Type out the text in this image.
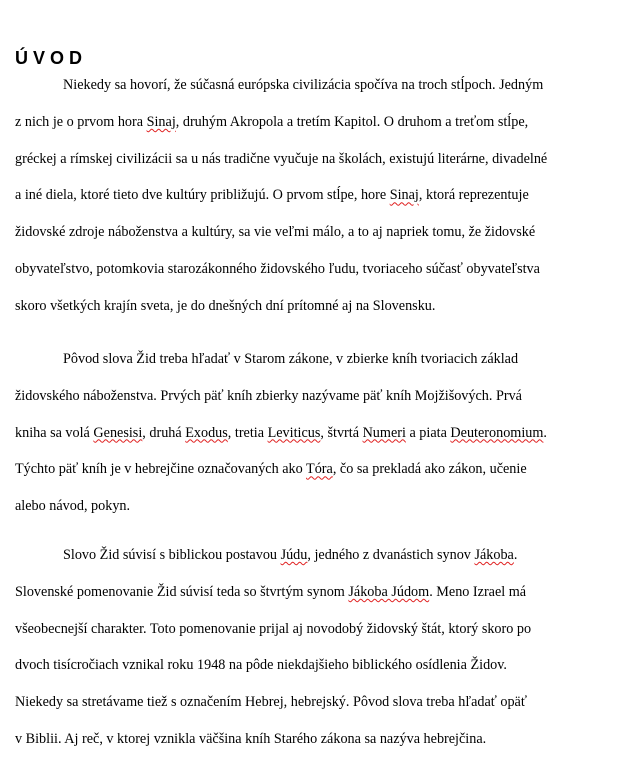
Ú V O D
Niekedy sa hovorí, že súčasná európska civilizácia spočíva na troch stĺpoch. Jedným
z nich je o prvom hora Sinaj, druhým Akropola a tretím Kapitol. O druhom a treťom stĺpe,
gréckej a rímskej civilizácii sa u nás tradične vyučuje na školách, existujú literárne, divadelné
a iné diela, ktoré tieto dve kultúry približujú. O prvom stĺpe, hore Sinaj, ktorá reprezentuje
židovské zdroje náboženstva a kultúry, sa vie veľmi málo, a to aj napriek tomu, že židovské
obyvateľstvo, potomkovia starozákonného židovského ľudu, tvoriaceho súčasť obyvateľstva
skoro všetkých krajín sveta, je do dnešných dní prítomné aj na Slovensku.
Pôvod slova Žid treba hľadať v Starom zákone, v zbierke kníh tvoriacich základ
židovského náboženstva. Prvých päť kníh zbierky nazývame päť kníh Mojžišových. Prvá
kniha sa volá Genesisi, druhá Exodus, tretia Leviticus, štvrtá Numeri a piata Deuteronomium.
Týchto päť kníh je v hebrejčine označovaných ako Tóra, čo sa prekladá ako zákon, učenie
alebo návod, pokyn.
Slovo Žid súvisí s biblickou postavou Júdu, jedného z dvanástich synov Jákoba.
Slovenské pomenovanie Žid súvisí teda so štvrtým synom Jákoba Júdom. Meno Izrael má
všeobecnejší charakter. Toto pomenovanie prijal aj novodobý židovský štát, ktorý skoro po
dvoch tisícročiach vznikal roku 1948 na pôde niekdajšieho biblického osídlenia Židov.
Niekedy sa stretávame tiež s označením Hebrej, hebrejský. Pôvod slova treba hľadať opäť
v Biblii. Aj reč, v ktorej vznikla väčšina kníh Starého zákona sa nazýva hebrejčina.
